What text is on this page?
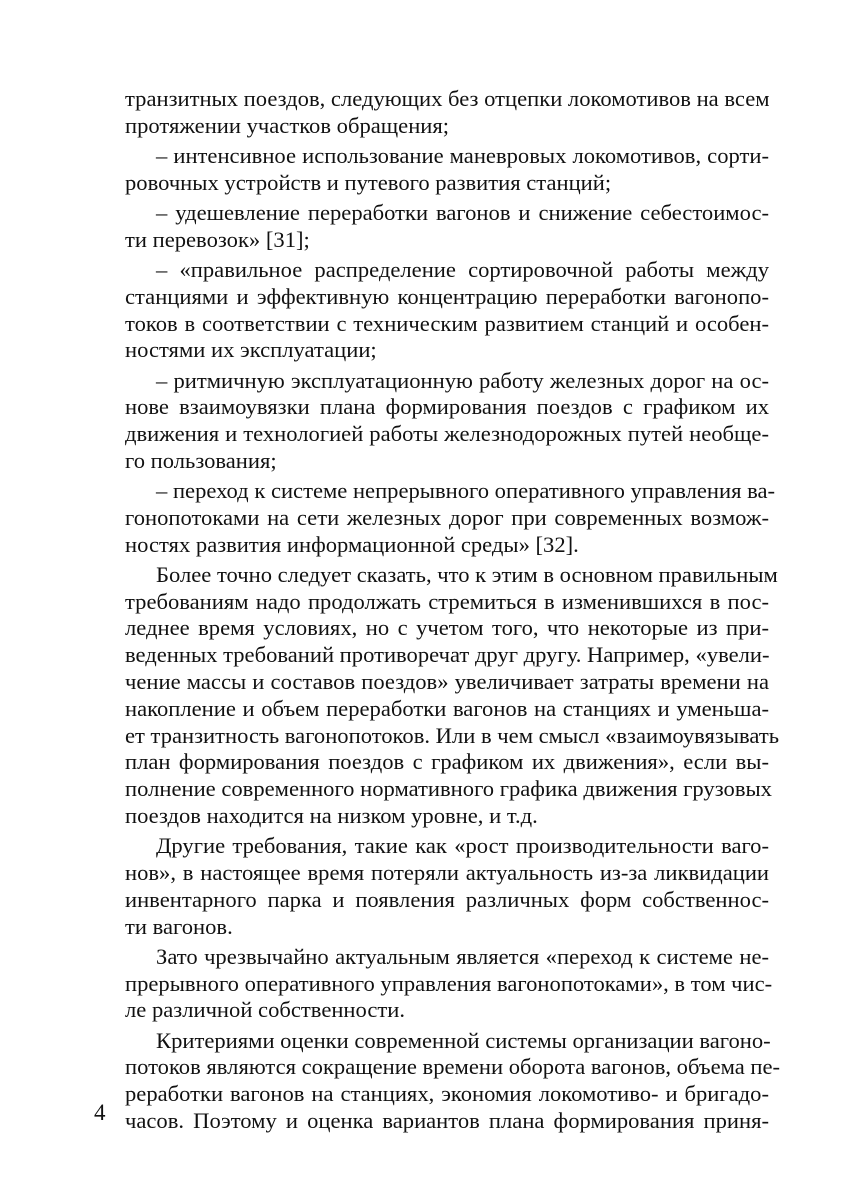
транзитных поездов, следующих без отцепки локомотивов на всем
протяжении участков обращения;
– интенсивное использование маневровых локомотивов, сорти-
ровочных устройств и путевого развития станций;
– удешевление переработки вагонов и снижение себестоимос-
ти перевозок» [31];
– «правильное распределение сортировочной работы между
станциями и эффективную концентрацию переработки вагонопо-
токов в соответствии с техническим развитием станций и особен-
ностями их эксплуатации;
– ритмичную эксплуатационную работу железных дорог на ос-
нове взаимоувязки плана формирования поездов с графиком их
движения и технологией работы железнодорожных путей необще-
го пользования;
– переход к системе непрерывного оперативного управления ва-
гонопотоками на сети железных дорог при современных возмож-
ностях развития информационной среды» [32].
Более точно следует сказать, что к этим в основном правильным
требованиям надо продолжать стремиться в изменившихся в пос-
леднее время условиях, но с учетом того, что некоторые из при-
веденных требований противоречат друг другу. Например, «увели-
чение массы и составов поездов» увеличивает затраты времени на
накопление и объем переработки вагонов на станциях и уменьша-
ет транзитность вагонопотоков. Или в чем смысл «взаимоувязывать
план формирования поездов с графиком их движения», если вы-
полнение современного нормативного графика движения грузовых
поездов находится на низком уровне, и т.д.
Другие требования, такие как «рост производительности ваго-
нов», в настоящее время потеряли актуальность из-за ликвидации
инвентарного парка и появления различных форм собственнос-
ти вагонов.
Зато чрезвычайно актуальным является «переход к системе не-
прерывного оперативного управления вагонопотоками», в том чис-
ле различной собственности.
Критериями оценки современной системы организации вагоно-
потоков являются сокращение времени оборота вагонов, объема пе-
реработки вагонов на станциях, экономия локомотиво- и бригадо-
часов. Поэтому и оценка вариантов плана формирования приня-
4
